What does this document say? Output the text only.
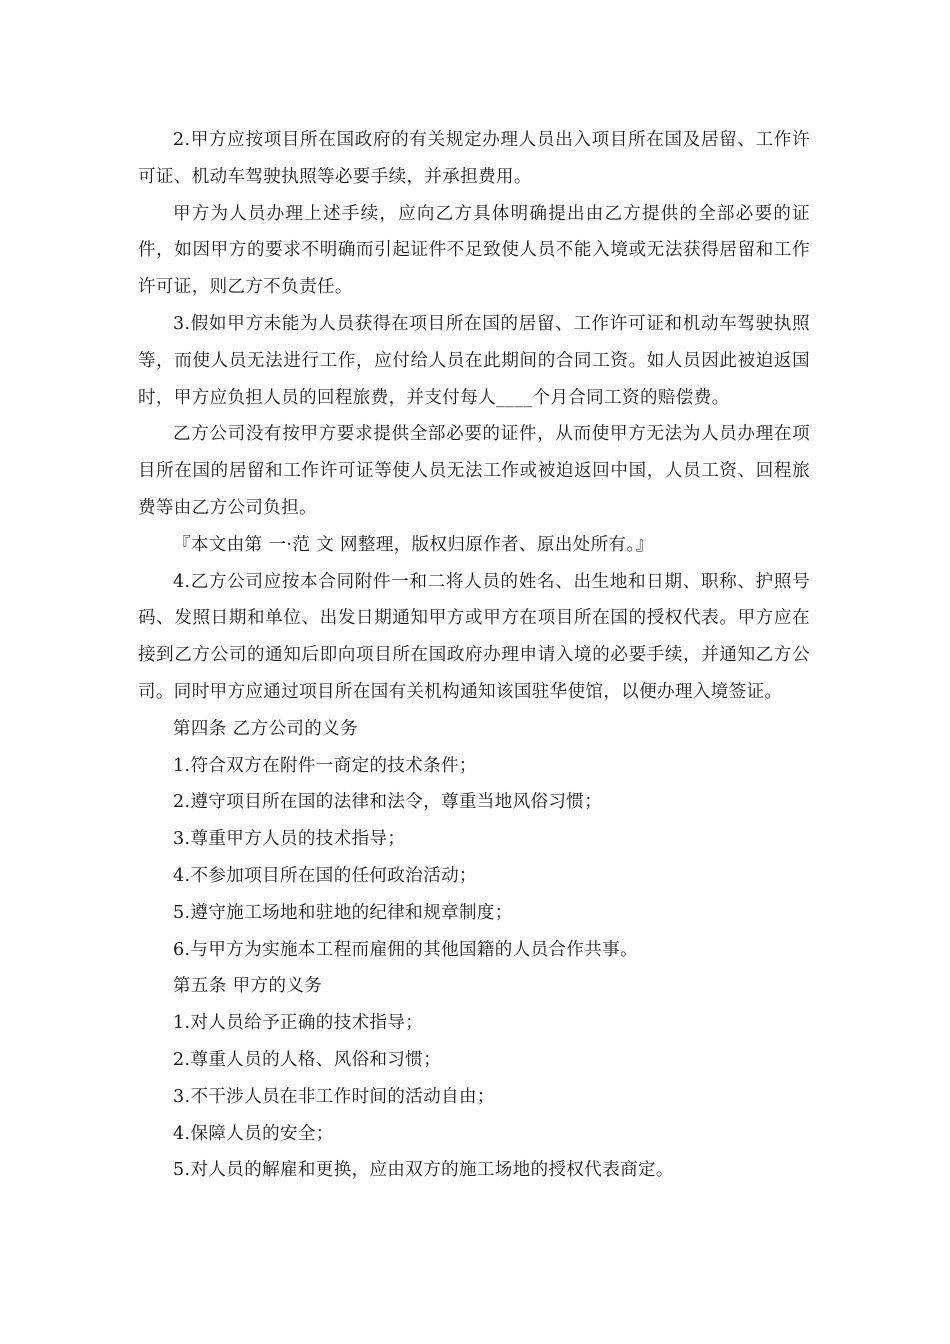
2.甲方应按项目所在国政府的有关规定办理人员出入项目所在国及居留、工作许可证、机动车驾驶执照等必要手续，并承担费用。

甲方为人员办理上述手续，应向乙方具体明确提出由乙方提供的全部必要的证件，如因甲方的要求不明确而引起证件不足致使人员不能入境或无法获得居留和工作许可证，则乙方不负责任。

3.假如甲方未能为人员获得在项目所在国的居留、工作许可证和机动车驾驶执照等，而使人员无法进行工作，应付给人员在此期间的合同工资。如人员因此被迫返国时，甲方应负担人员的回程旅费，并支付每人____个月合同工资的赔偿费。

乙方公司没有按甲方要求提供全部必要的证件，从而使甲方无法为人员办理在项目所在国的居留和工作许可证等使人员无法工作或被迫返回中国，人员工资、回程旅费等由乙方公司负担。

『本文由第 一·范 文 网整理，版权归原作者、原出处所有。』

4.乙方公司应按本合同附件一和二将人员的姓名、出生地和日期、职称、护照号码、发照日期和单位、出发日期通知甲方或甲方在项目所在国的授权代表。甲方应在接到乙方公司的通知后即向项目所在国政府办理申请入境的必要手续，并通知乙方公司。同时甲方应通过项目所在国有关机构通知该国驻华使馆，以便办理入境签证。

第四条 乙方公司的义务

1.符合双方在附件一商定的技术条件；

2.遵守项目所在国的法律和法令，尊重当地风俗习惯；

3.尊重甲方人员的技术指导；

4.不参加项目所在国的任何政治活动；

5.遵守施工场地和驻地的纪律和规章制度；

6.与甲方为实施本工程而雇佣的其他国籍的人员合作共事。

第五条 甲方的义务

1.对人员给予正确的技术指导；

2.尊重人员的人格、风俗和习惯；

3.不干涉人员在非工作时间的活动自由；

4.保障人员的安全；

5.对人员的解雇和更换，应由双方的施工场地的授权代表商定。
